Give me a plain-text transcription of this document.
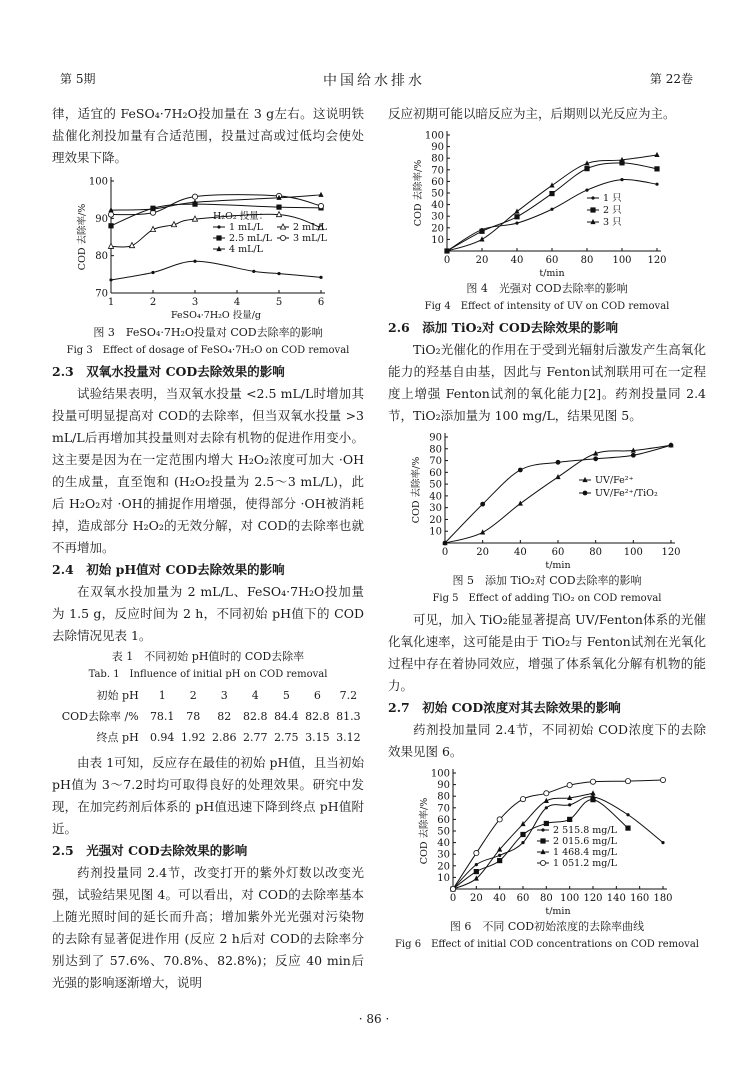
第 5期	中国给水排水	第 22卷

律，适宜的 FeSO₄·7H₂O投加量在 3 g左右。这说明铁盐催化剂投加量有合适范围，投量过高或过低均会使处理效果下降。

70
80
90
100
1	2	3	4	5	6
FeSO₄·7H₂O 投量/g
COD 去除率/%	H₂O₂ 投量：
1 mL/L	2 mL/L
2.5 mL/L 3 mL/L
4 mL/L
图 3　FeSO₄·7H₂O投量对 COD去除率的影响
Fig 3　Effect of dosage of FeSO₄·7H₂O on COD removal
2.3　双氧水投量对 COD去除效果的影响

试验结果表明，当双氧水投量 <2.5 mL/L时增加其投量可明显提高对 COD的去除率，但当双氧水投量 >3 mL/L后再增加其投量则对去除有机物的促进作用变小。这主要是因为在一定范围内增大 H₂O₂浓度可加大 ·OH的生成量，直至饱和 (H₂O₂投量为 2.5～3 mL/L)，此后 H₂O₂对 ·OH的捕捉作用增强，使得部分 ·OH被消耗掉，造成部分 H₂O₂的无效分解，对 COD的去除率也就不再增加。

2.4　初始 pH值对 COD去除效果的影响

在双氧水投加量为 2 mL/L、FeSO₄·7H₂O投加量为 1.5 g，反应时间为 2 h，不同初始 pH值下的 COD去除情况见表 1。

表 1　不同初始 pH值时的 COD去除率
Tab. 1　Influence of initial pH on COD removal
初始 pH	1	2	3	4	5	6	7.2
COD去除率 /%	78.1	78	82	82.8	84.4	82.8	81.3
终点 pH	0.94	1.92	2.86	2.77	2.75	3.15	3.12

由表 1可知，反应存在最佳的初始 pH值，且当初始 pH值为 3～7.2时均可取得良好的处理效果。研究中发现，在加完药剂后体系的 pH值迅速下降到终点 pH值附近。

2.5　光强对 COD去除效果的影响

药剂投量同 2.4节，改变打开的紫外灯数以改变光强，试验结果见图 4。可以看出，对 COD的去除率基本上随光照时间的延长而升高；增加紫外光光强对污染物的去除有显著促进作用 (反应 2 h后对 COD的去除率分别达到了 57.6%、70.8%、82.8%)；反应 40 min后光强的影响逐渐增大，说明

反应初期可能以暗反应为主，后期则以光反应为主。

10
20
30
40
50
60
70
80
90
100
0	20 40 60 80 100 120
t/min
COD 去除率/%	1 只
2 只
3 只
图 4　光强对 COD去除率的影响
Fig 4　Effect of intensity of UV on COD removal
2.6　添加 TiO₂对 COD去除效果的影响

TiO₂光催化的作用在于受到光辐射后激发产生高氧化能力的羟基自由基，因此与 Fenton试剂联用可在一定程度上增强 Fenton试剂的氧化能力[2]。药剂投量同 2.4节，TiO₂添加量为 100 mg/L，结果见图 5。

10
20
30
40
50
60
70
80
90
0	20 40 60 80 100 120
t/min
COD 去除率/%	UV/Fe²⁺
UV/Fe²⁺/TiO₂
图 5　添加 TiO₂对 COD去除率的影响
Fig 5　Effect of adding TiO₂ on COD removal

可见，加入 TiO₂能显著提高 UV/Fenton体系的光催化氧化速率，这可能是由于 TiO₂与 Fenton试剂在光氧化过程中存在着协同效应，增强了体系氧化分解有机物的能力。

2.7　初始 COD浓度对其去除效果的影响

药剂投加量同 2.4节，不同初始 COD浓度下的去除效果见图 6。

10
20
30
40
50
60
70
80
90
100
0 20 40 60 80 100 120 140 160 180
t/min
COD 去除率/%	2 515.8 mg/L
2 015.6 mg/L
1 468.4 mg/L
1 051.2 mg/L
图 6　不同 COD初始浓度的去除率曲线
Fig 6　Effect of initial COD concentrations on COD removal
· 86 ·
